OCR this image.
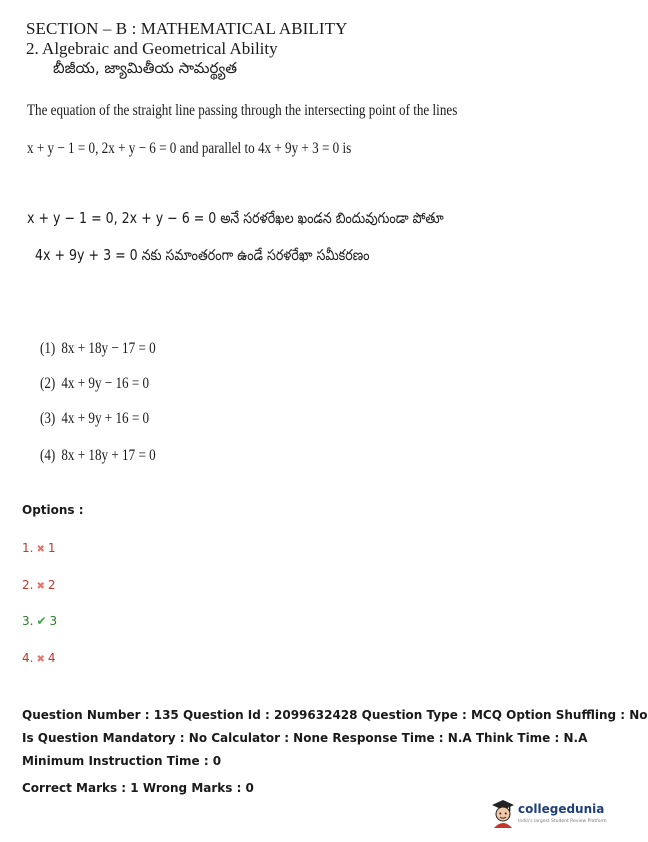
SECTION – B : MATHEMATICAL ABILITY
2. Algebraic and Geometrical Ability
బీజీయ, జ్యామితీయ సామర్థ్యత
The equation of the straight line passing through the intersecting point of the lines
x + y − 1 = 0, 2x + y − 6 = 0 and parallel to 4x + 9y + 3 = 0 is
x + y − 1 = 0, 2x + y − 6 = 0 అనే సరళరేఖల ఖండన బిందువుగుండా పోతూ
4x + 9y + 3 = 0 నకు సమాంతరంగా ఉండే సరళరేఖా సమీకరణం
(1) 8x + 18y − 17 = 0
(2) 4x + 9y − 16 = 0
(3) 4x + 9y + 16 = 0
(4) 8x + 18y + 17 = 0
Options :
1. ✖ 1
2. ✖ 2
3. ✔ 3
4. ✖ 4
Question Number : 135 Question Id : 2099632428 Question Type : MCQ Option Shuffling : No
Is Question Mandatory : No Calculator : None Response Time : N.A Think Time : N.A
Minimum Instruction Time : 0
Correct Marks : 1 Wrong Marks : 0
collegedunia
India's largest Student Review Platform
